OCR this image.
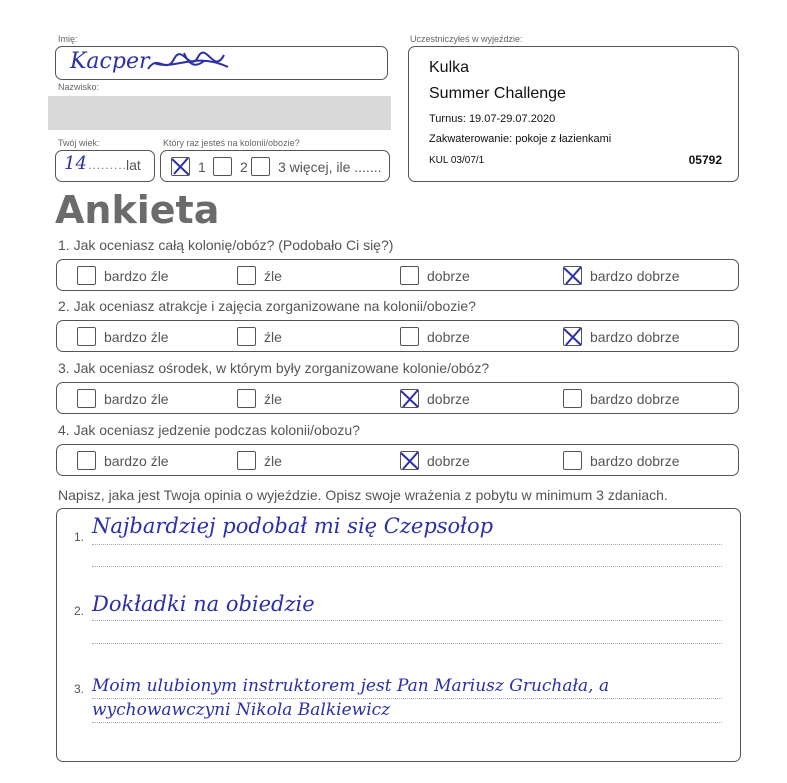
Imię:
Kacper
Nazwisko:
Twój wiek:
14 .........
lat
Który raz jesteś na kolonii/obozie?
1 2 3 więcej, ile .......
Uczestniczyłeś w wyjeździe:
Kulka
Summer Challenge
Turnus: 19.07-29.07.2020
Zakwaterowanie: pokoje z łazienkami
KUL 03/07/1	05792
Ankieta
1. Jak oceniasz całą kolonię/obóz? (Podobało Ci się?)
bardzo źle	źle	dobrze	bardzo dobrze
2. Jak oceniasz atrakcje i zajęcia zorganizowane na kolonii/obozie?
bardzo źle	źle	dobrze	bardzo dobrze
3. Jak oceniasz ośrodek, w którym były zorganizowane kolonie/obóz?
bardzo źle	źle	dobrze	bardzo dobrze
4. Jak oceniasz jedzenie podczas kolonii/obozu?
bardzo źle	źle	dobrze	bardzo dobrze
Napisz, jaka jest Twoja opinia o wyjeździe. Opisz swoje wrażenia z pobytu w minimum 3 zdaniach.
1. Najbardziej podobał mi się Czepsołop
2. Dokładki na obiedzie
3. Moim ulubionym instruktorem jest Pan Mariusz Gruchała, a wychowawczyni Nikola Balkiewicz
